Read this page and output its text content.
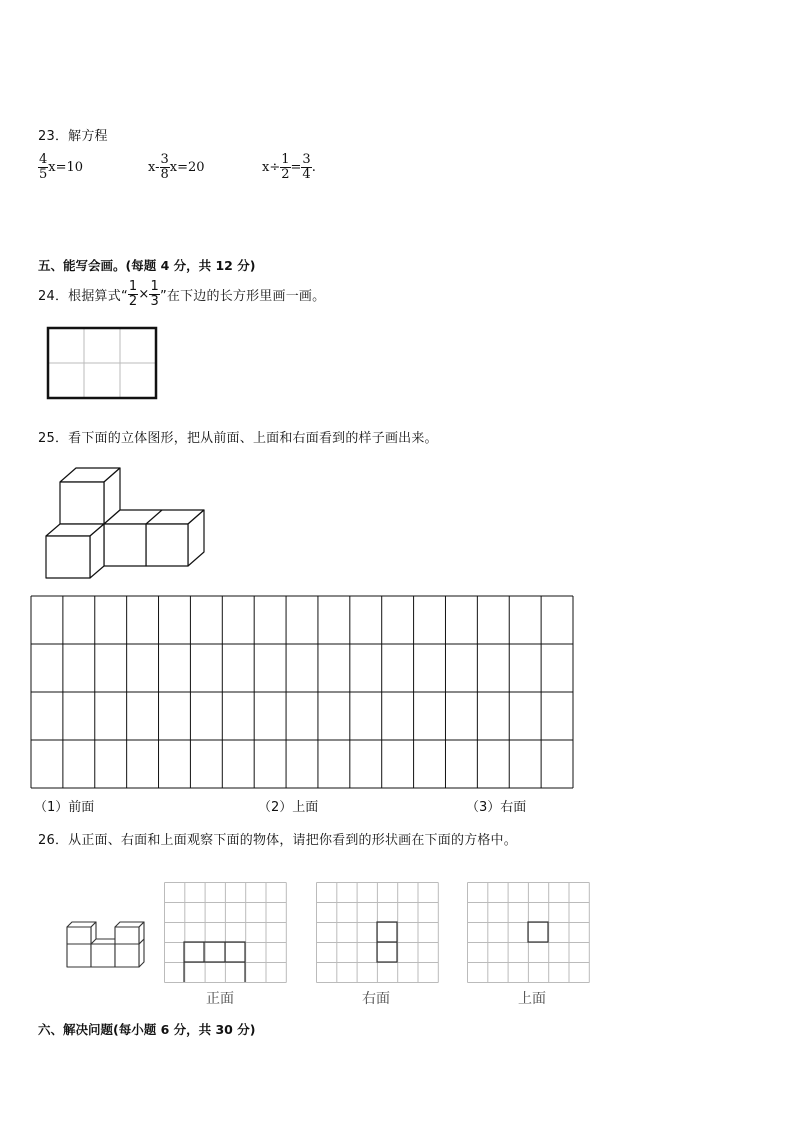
23．解方程
$\frac{4}{5} x=10$	$x- \frac{3}{8} x=20$	$x\div \frac{1}{2} = \frac{3}{4}$ .
五、能写会画。(每题 4 分，共 12 分)
24．根据算式“ $\frac{1}{2} \times \frac{1}{3}$ ”在下边的长方形里画一画。
25．看下面的立体图形，把从前面、上面和右面看到的样子画出来。
（1）前面	（2）上面	（3）右面
26．从正面、右面和上面观察下面的物体，请把你看到的形状画在下面的方格中。
正面	右面	上面
六、解决问题(每小题 6 分，共 30 分)
